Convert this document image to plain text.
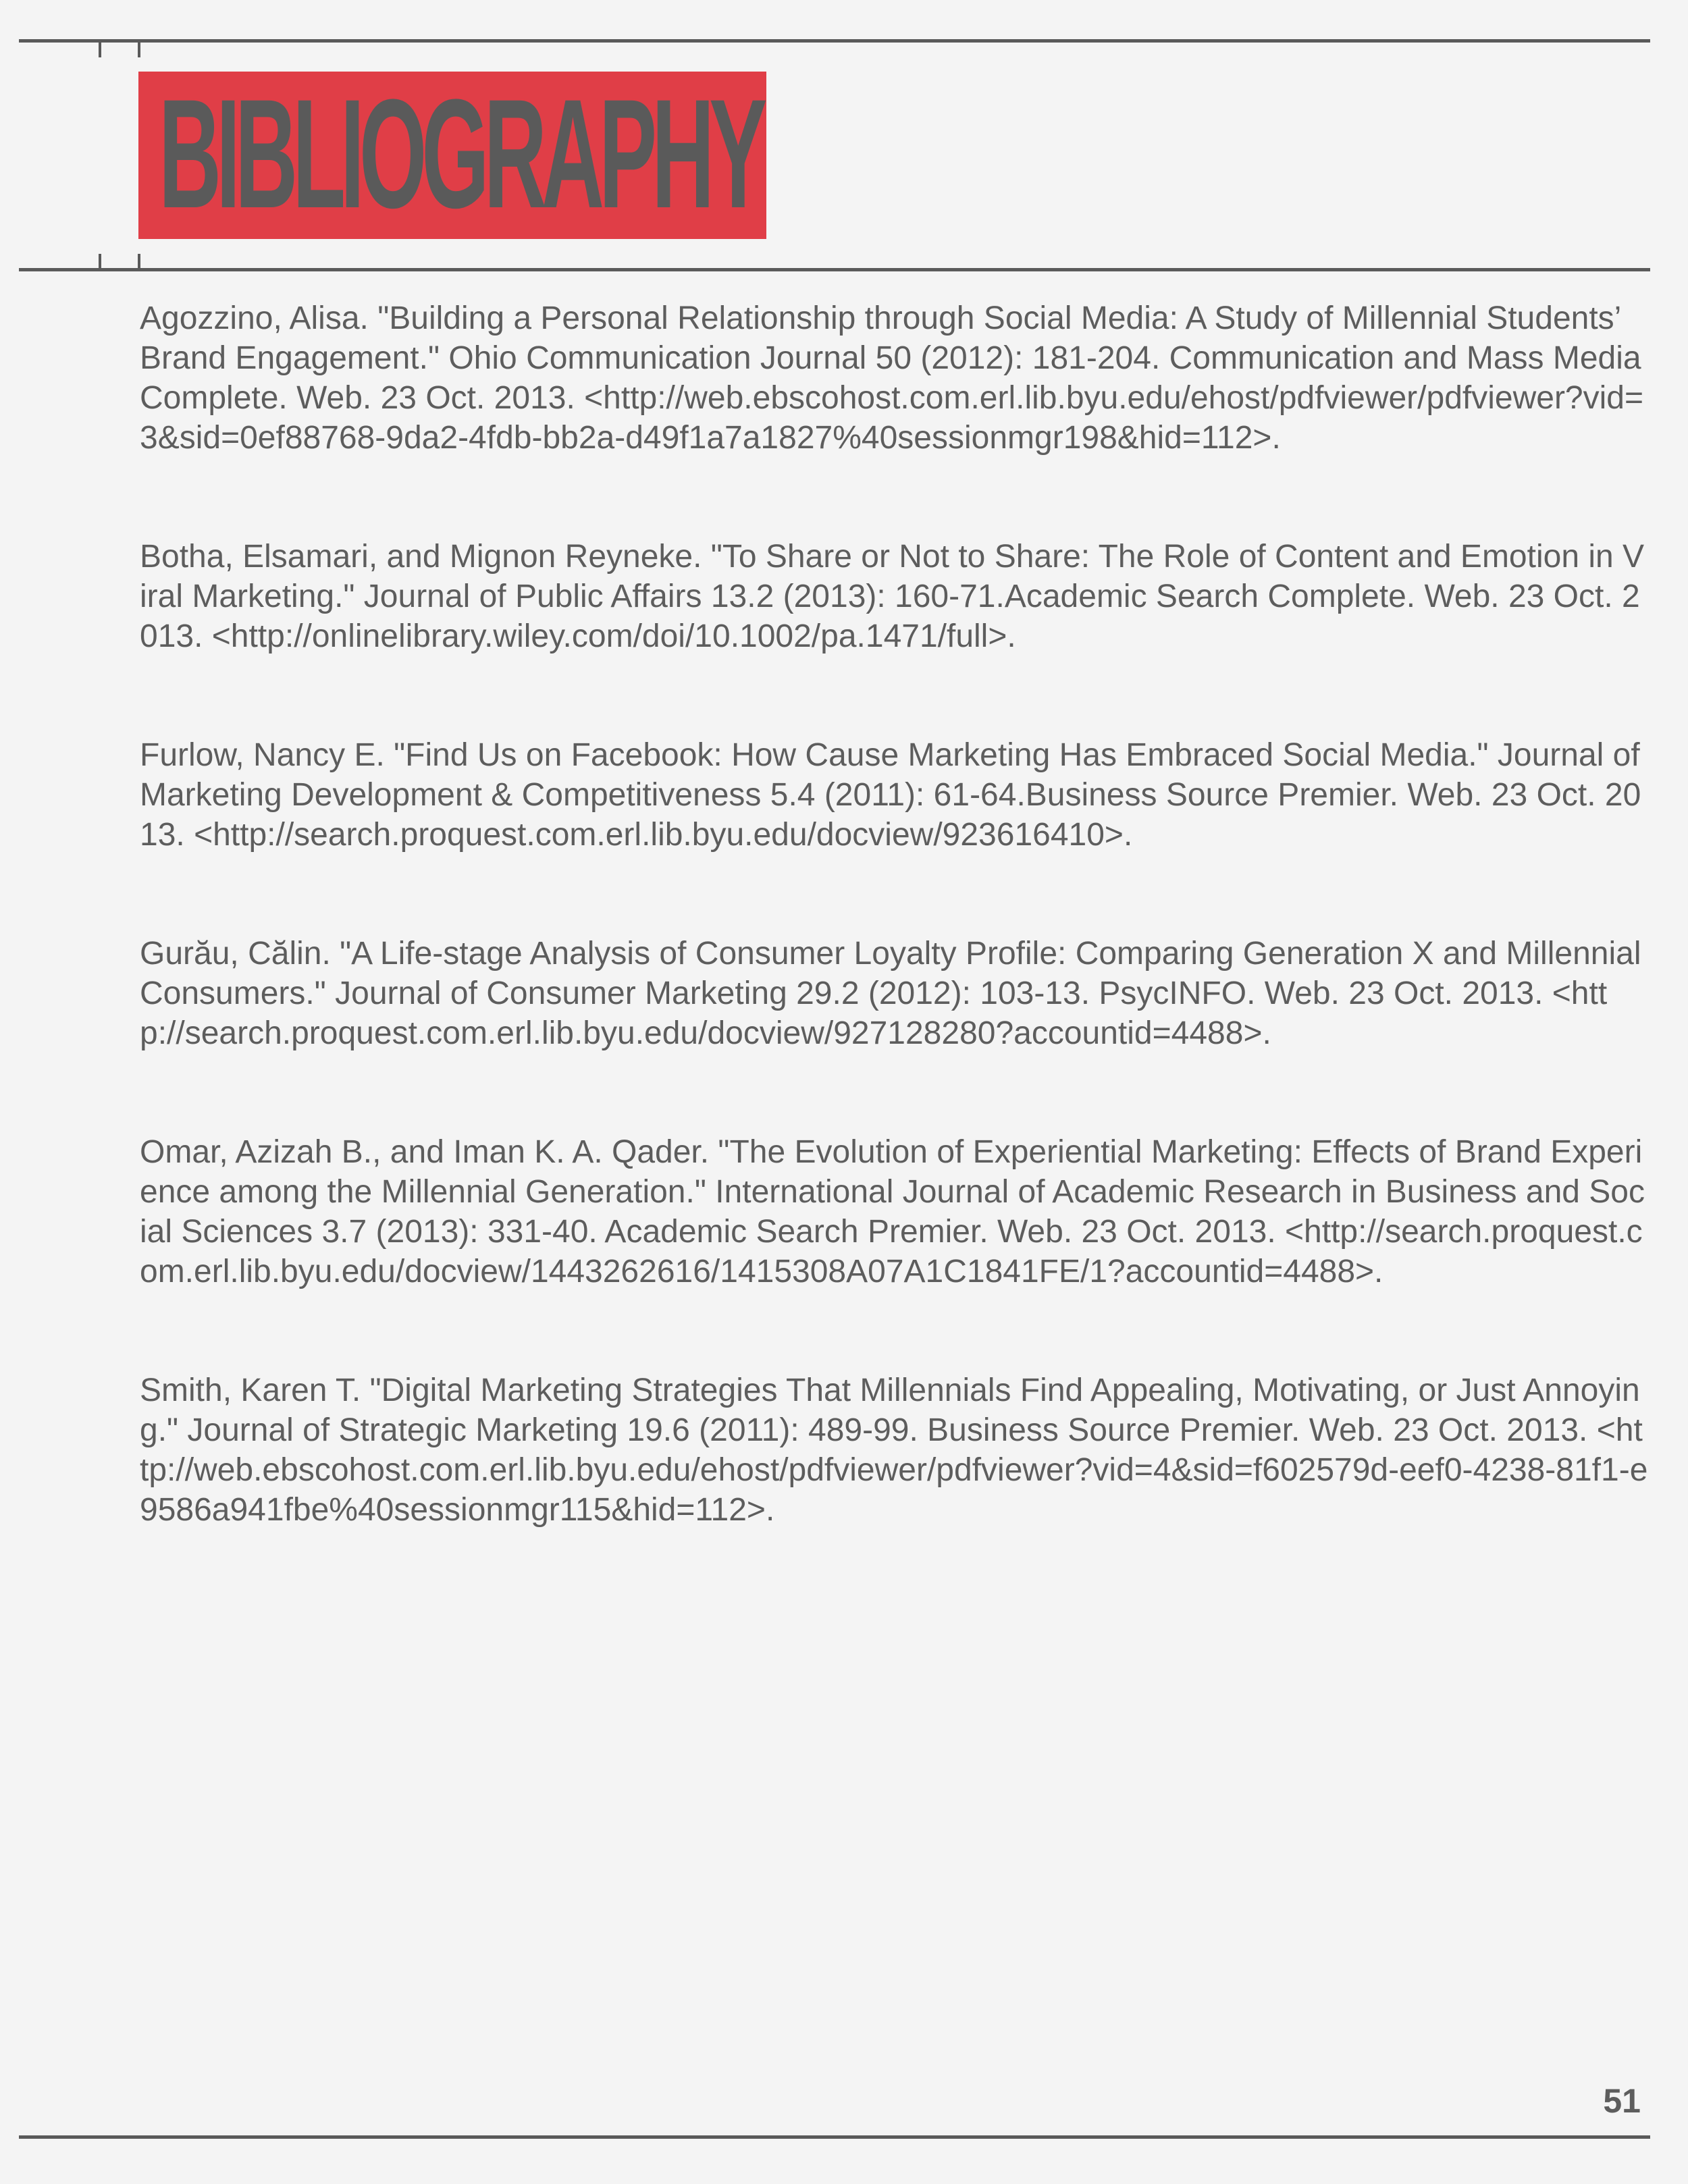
BIBLIOGRAPHY

Agozzino, Alisa. "Building a Personal Relationship through Social Media: A Study of Millennial Students’ Brand Engagement." Ohio Communication Journal 50 (2012): 181-204. Communication and Mass Media Complete. Web. 23 Oct. 2013. <http://web.ebscohost.com.erl.lib.byu.edu/ehost/pdfviewer/pdfviewer?vid=3&sid=0ef88768-9da2-4fdb-bb2a-d49f1a7a1827%40sessionmgr198&hid=112>.

Botha, Elsamari, and Mignon Reyneke. "To Share or Not to Share: The Role of Content and Emotion in Viral Marketing." Journal of Public Affairs 13.2 (2013): 160-71.Academic Search Complete. Web. 23 Oct. 2013. <http://onlinelibrary.wiley.com/doi/10.1002/pa.1471/full>.

Furlow, Nancy E. "Find Us on Facebook: How Cause Marketing Has Embraced Social Media." Journal of Marketing Development & Competitiveness 5.4 (2011): 61-64.Business Source Premier. Web. 23 Oct. 2013. <http://search.proquest.com.erl.lib.byu.edu/docview/923616410>.

Gurău, Călin. "A Life-stage Analysis of Consumer Loyalty Profile: Comparing Generation X and Millennial Consumers." Journal of Consumer Marketing 29.2 (2012): 103-13. PsycINFO. Web. 23 Oct. 2013. <http://search.proquest.com.erl.lib.byu.edu/docview/927128280?accountid=4488>.

Omar, Azizah B., and Iman K. A. Qader. "The Evolution of Experiential Marketing: Effects of Brand Experience among the Millennial Generation." International Journal of Academic Research in Business and Social Sciences 3.7 (2013): 331-40. Academic Search Premier. Web. 23 Oct. 2013. <http://search.proquest.com.erl.lib.byu.edu/docview/1443262616/1415308A07A1C1841FE/1?accountid=4488>.

Smith, Karen T. "Digital Marketing Strategies That Millennials Find Appealing, Motivating, or Just Annoying." Journal of Strategic Marketing 19.6 (2011): 489-99. Business Source Premier. Web. 23 Oct. 2013. <http://web.ebscohost.com.erl.lib.byu.edu/ehost/pdfviewer/pdfviewer?vid=4&sid=f602579d-eef0-4238-81f1-e9586a941fbe%40sessionmgr115&hid=112>.

51
